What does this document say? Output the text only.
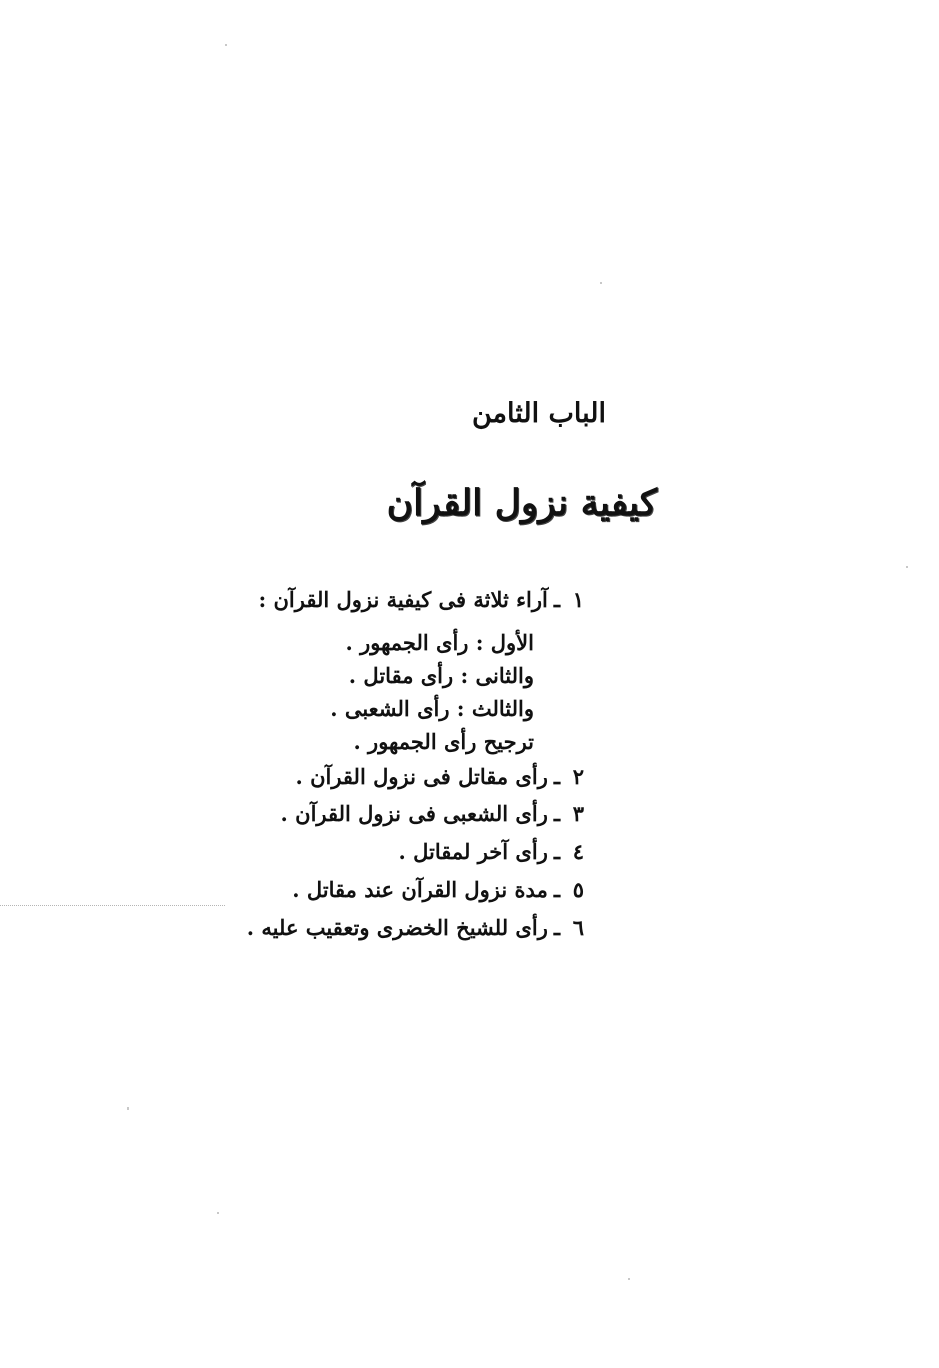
الباب الثامن
كيفية نزول القرآن
١ـآراء ثلاثة فى كيفية نزول القرآن :
الأول : رأى الجمهور .
والثانى : رأى مقاتل .
والثالث : رأى الشعبى .
ترجيح رأى الجمهور .
٢ـرأى مقاتل فى نزول القرآن .
٣ـرأى الشعبى فى نزول القرآن .
٤ـرأى آخر لمقاتل .
٥ـمدة نزول القرآن عند مقاتل .
٦ـرأى للشيخ الخضرى وتعقيب عليه .
